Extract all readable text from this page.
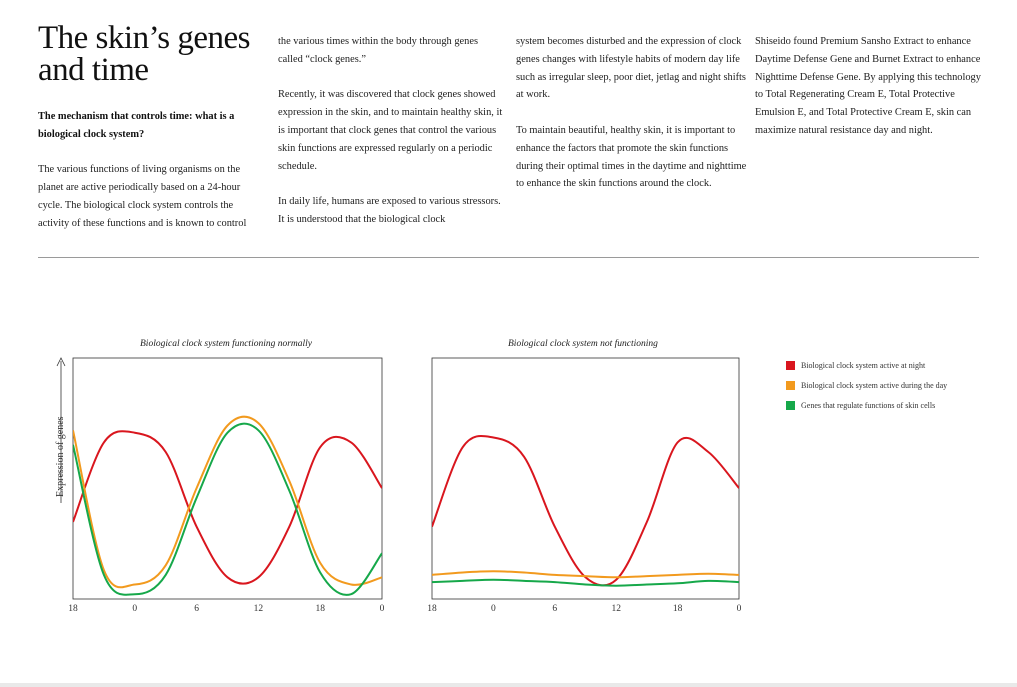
The skin’s genes and time

The mechanism that controls time: what is a biological clock system?

The various functions of living organisms on the planet are active periodically based on a 24-hour cycle. The biological clock system controls the activity of these functions and is known to control

the various times within the body through genes called “clock genes.”

Recently, it was discovered that clock genes showed expression in the skin, and to maintain healthy skin, it is important that clock genes that control the various skin functions are expressed regularly on a periodic schedule.

In daily life, humans are exposed to various stressors. It is understood that the biological clock

system becomes disturbed and the expression of clock genes changes with lifestyle habits of modern day life such as irregular sleep, poor diet, jetlag and night shifts at work.

To maintain beautiful, healthy skin, it is important to enhance the factors that promote the skin functions during their optimal times in the daytime and nighttime to enhance the skin functions around the clock.

Shiseido found Premium Sansho Extract to enhance Daytime Defense Gene and Burnet Extract to enhance Nighttime Defense Gene. By applying this technology to Total Regenerating Cream E, Total Protective Emulsion E, and Total Protective Cream E, skin can maximize natural resistance day and night.

Biological clock system functioning normally	Biological clock system not functioning
Expression of genes
18	0	6	12	18	0	18	0	6	12	18	0
Biological clock system active at night
Biological clock system active during the day
Genes that regulate functions of skin cells
